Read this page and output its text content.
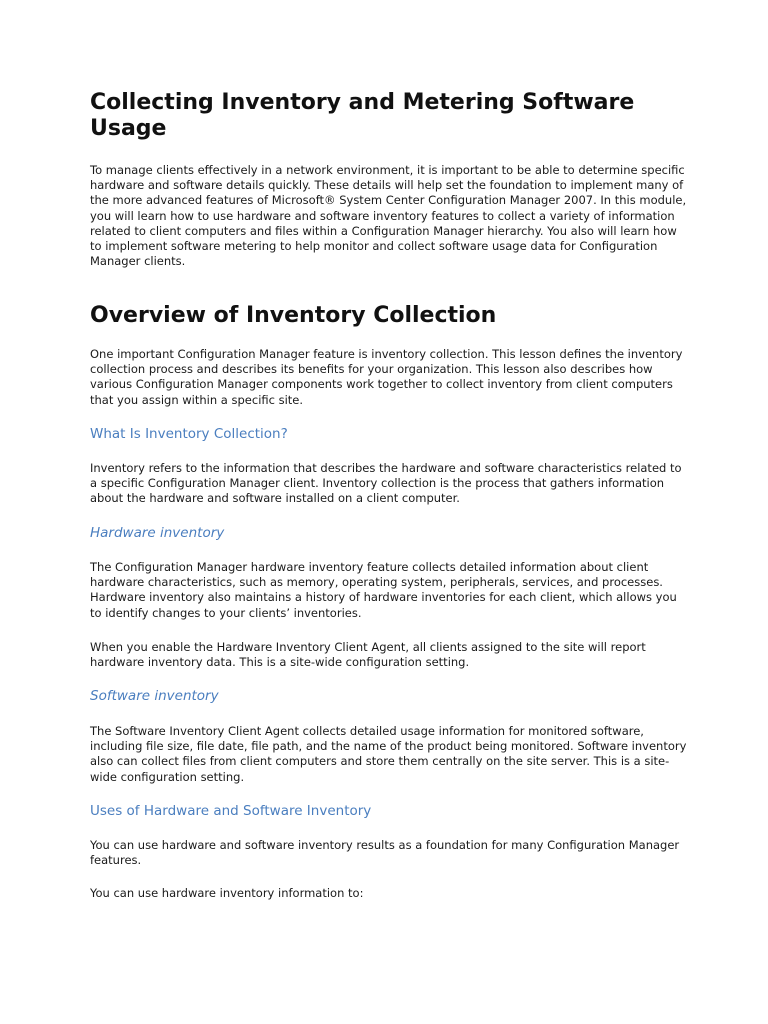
Collecting Inventory and Metering Software Usage

To manage clients effectively in a network environment, it is important to be able to determine specific hardware and software details quickly. These details will help set the foundation to implement many of the more advanced features of Microsoft® System Center Configuration Manager 2007. In this module, you will learn how to use hardware and software inventory features to collect a variety of information related to client computers and files within a Configuration Manager hierarchy. You also will learn how to implement software metering to help monitor and collect software usage data for Configuration Manager clients.

Overview of Inventory Collection

One important Configuration Manager feature is inventory collection. This lesson defines the inventory collection process and describes its benefits for your organization. This lesson also describes how various Configuration Manager components work together to collect inventory from client computers that you assign within a specific site.

What Is Inventory Collection?

Inventory refers to the information that describes the hardware and software characteristics related to a specific Configuration Manager client. Inventory collection is the process that gathers information about the hardware and software installed on a client computer.

Hardware inventory

The Configuration Manager hardware inventory feature collects detailed information about client hardware characteristics, such as memory, operating system, peripherals, services, and processes. Hardware inventory also maintains a history of hardware inventories for each client, which allows you to identify changes to your clients’ inventories.

When you enable the Hardware Inventory Client Agent, all clients assigned to the site will report hardware inventory data. This is a site-wide configuration setting.

Software inventory

The Software Inventory Client Agent collects detailed usage information for monitored software, including file size, file date, file path, and the name of the product being monitored. Software inventory also can collect files from client computers and store them centrally on the site server. This is a site-wide configuration setting.

Uses of Hardware and Software Inventory

You can use hardware and software inventory results as a foundation for many Configuration Manager features.

You can use hardware inventory information to:
